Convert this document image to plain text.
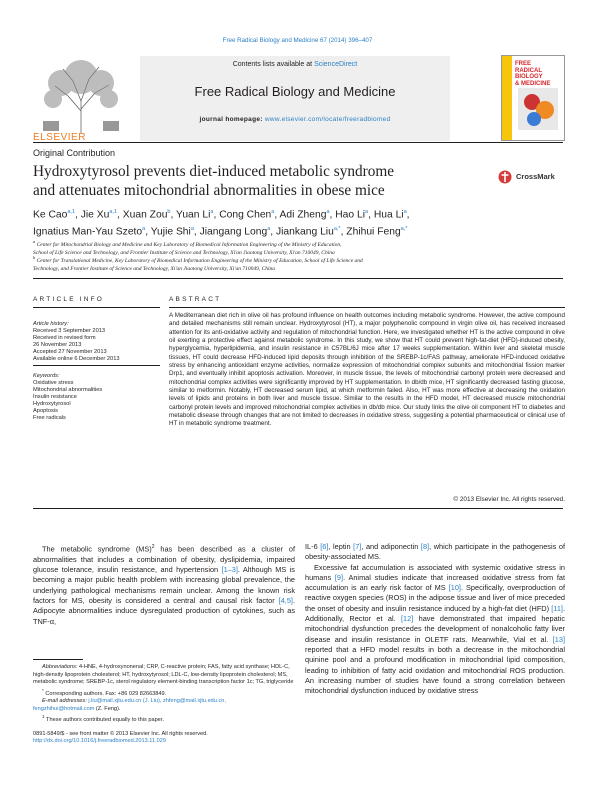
Free Radical Biology and Medicine 67 (2014) 396–407
ELSEVIER
Contents lists available at ScienceDirect
Free Radical Biology and Medicine
journal homepage: www.elsevier.com/locate/freeradbiomed
FREE
RADICAL
BIOLOGY
& MEDICINE
Original Contribution
Hydroxytyrosol prevents diet-induced metabolic syndrome
and attenuates mitochondrial abnormalities in obese mice
CrossMark
Ke Cao$^{a,1}$, Jie Xu$^{a,1}$, Xuan Zou$^b$, Yuan Li$^a$, Cong Chen$^a$, Adi Zheng$^a$, Hao Li$^a$, Hua Li$^a$,
Ignatius Man-Yau Szeto$^a$, Yujie Shi$^a$, Jiangang Long$^a$, Jiankang Liu$^{a,*}$, Zhihui Feng$^{a,*}$
$^a$ Center for Mitochondrial Biology and Medicine and Key Laboratory of Biomedical Information Engineering of the Ministry of Education,
School of Life Science and Technology, and Frontier Institute of Science and Technology, Xi'an Jiaotong University, Xi'an 710049, China
$^b$ Center for Translational Medicine, Key Laboratory of Biomedical Information Engineering of the Ministry of Education, School of Life Science and
Technology, and Frontier Institute of Science and Technology, Xi'an Jiaotong University, Xi'an 710049, China
ARTICLE INFO	ABSTRACT
Article history:
Received 3 September 2013
Received in revised form
26 November 2013
Accepted 27 November 2013
Available online 6 December 2013
Keywords:
Oxidative stress
Mitochondrial abnormalities
Insulin resistance
Hydroxytyrosol
Apoptosis
Free radicals
A Mediterranean diet rich in olive oil has profound influence on health outcomes including metabolic syndrome. However, the active compound and detailed mechanisms still remain unclear. Hydroxytyrosol (HT), a major polyphenolic compound in virgin olive oil, has received increased attention for its anti-oxidative activity and regulation of mitochondrial function. Here, we investigated whether HT is the active compound in olive oil exerting a protective effect against metabolic syndrome. In this study, we show that HT could prevent high-fat-diet (HFD)-induced obesity, hyperglycemia, hyperlipidemia, and insulin resistance in C57BL/6J mice after 17 weeks supplementation. Within liver and skeletal muscle tissues, HT could decrease HFD-induced lipid deposits through inhibition of the SREBP-1c/FAS pathway, ameliorate HFD-induced oxidative stress by enhancing antioxidant enzyme activities, normalize expression of mitochondrial complex subunits and mitochondrial fission marker Drp1, and eventually inhibit apoptosis activation. Moreover, in muscle tissue, the levels of mitochondrial carbonyl protein were decreased and mitochondrial complex activities were significantly improved by HT supplementation. In db/db mice, HT significantly decreased fasting glucose, similar to metformin. Notably, HT decreased serum lipid, at which metformin failed. Also, HT was more effective at decreasing the oxidation levels of lipids and proteins in both liver and muscle tissue. Similar to the results in the HFD model, HT decreased muscle mitochondrial carbonyl protein levels and improved mitochondrial complex activities in db/db mice. Our study links the olive oil component HT to diabetes and metabolic disease through changes that are not limited to decreases in oxidative stress, suggesting a potential pharmaceutical or clinical use of HT in metabolic syndrome treatment.
© 2013 Elsevier Inc. All rights reserved.
The metabolic syndrome (MS)$^2$ has been described as a cluster of abnormalities that includes a combination of obesity, dyslipidemia, impaired glucose tolerance, insulin resistance, and hypertension [1–3]. Although MS is becoming a major public health problem with increasing global prevalence, the underlying pathological mechanisms remain unclear. Among the known risk factors for MS, obesity is considered a central and causal risk factor [4,5]. Adipocyte abnormalities induce dysregulated production of cytokines, such as TNF-α,
IL-6 [6], leptin [7], and adiponectin [8], which participate in the pathogenesis of obesity-associated MS.
Excessive fat accumulation is associated with systemic oxidative stress in humans [9]. Animal studies indicate that increased oxidative stress from fat accumulation is an early risk factor of MS [10]. Specifically, overproduction of reactive oxygen species (ROS) in the adipose tissue and liver of mice preceded the onset of obesity and insulin resistance induced by a high-fat diet (HFD) [11]. Additionally, Rector et al. [12] have demonstrated that impaired hepatic mitochondrial dysfunction precedes the development of nonalcoholic fatty liver disease and insulin resistance in OLETF rats. Meanwhile, Vial et al. [13] reported that a HFD model results in both a decrease in the mitochondrial quinine pool and a profound modification in mitochondrial lipid composition, leading to inhibition of fatty acid oxidation and mitochondrial ROS production. An increasing number of studies have found a strong correlation between mitochondrial dysfunction induced by oxidative stress
Abbreviations: 4-HNE, 4-hydroxynonenal; CRP, C-reactive protein; FAS, fatty acid synthase; HDL-C, high-density lipoprotein cholesterol; HT, hydroxytyrosol; LDL-C, low-density lipoprotein cholesterol; MS, metabolic syndrome; SREBP-1c, sterol regulatory element-binding transcription factor 1c; TG, triglyceride
* Corresponding authors. Fax: +86 029 82663849.
E-mail addresses: j.liu@mail.xjtu.edu.cn (J. Liu), zhfeng@mail.xjtu.edu.cn,
fengzhihui@hotmail.com (Z. Feng).
$^1$ These authors contributed equally to this paper.
0891-5849/$ - see front matter © 2013 Elsevier Inc. All rights reserved.
http://dx.doi.org/10.1016/j.freeradbiomed.2013.11.029
